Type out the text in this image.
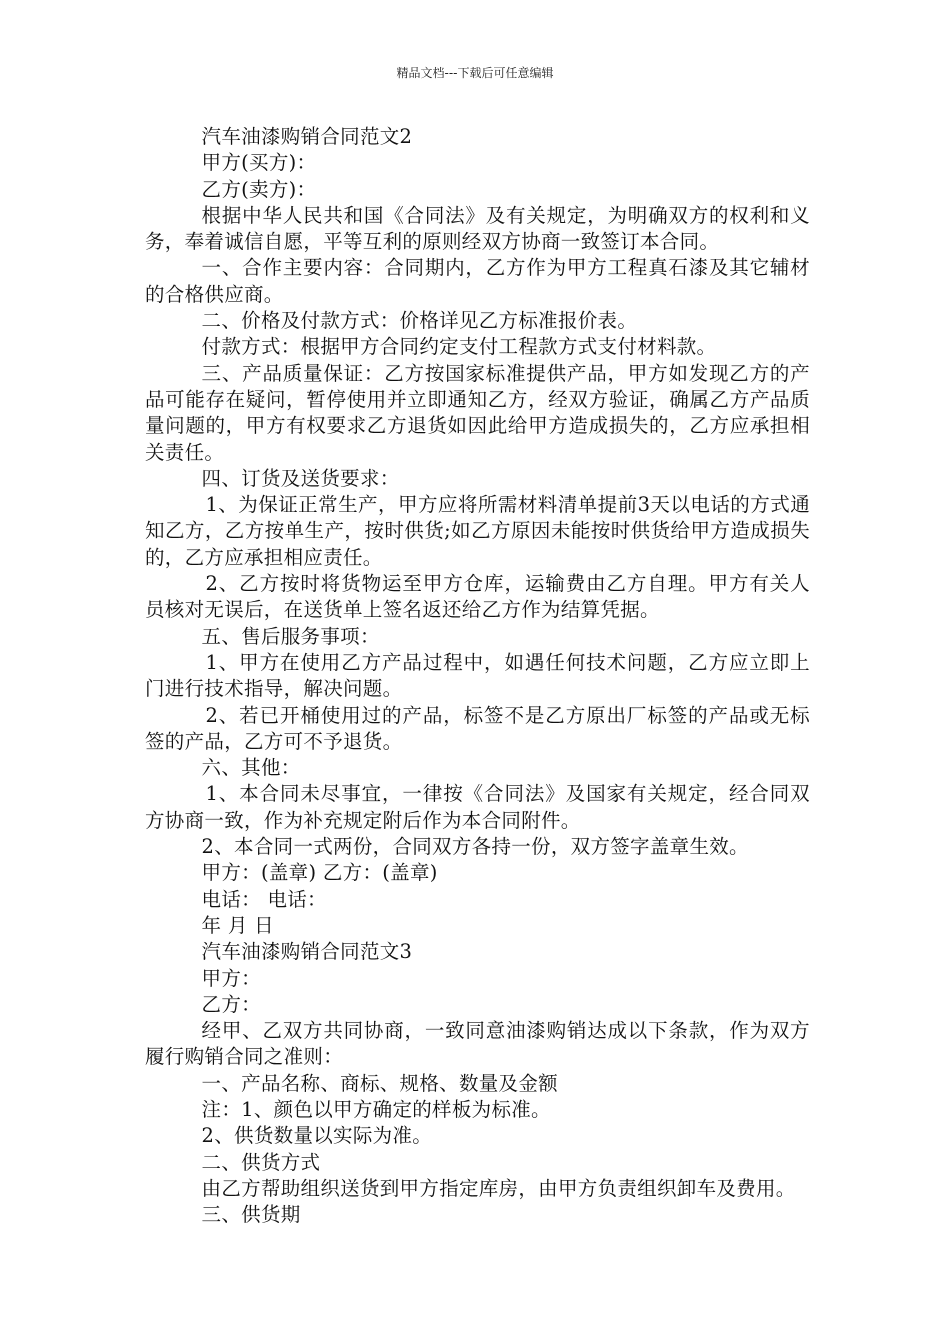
精品文档---下载后可任意编辑

汽车油漆购销合同范文2

甲方(买方)：

乙方(卖方)：

根据中华人民共和国《合同法》及有关规定，为明确双方的权利和义务，奉着诚信自愿，平等互利的原则经双方协商一致签订本合同。

一、合作主要内容：合同期内，乙方作为甲方工程真石漆及其它辅材的合格供应商。

二、价格及付款方式：价格详见乙方标准报价表。

付款方式：根据甲方合同约定支付工程款方式支付材料款。

三、产品质量保证：乙方按国家标准提供产品，甲方如发现乙方的产品可能存在疑问，暂停使用并立即通知乙方，经双方验证，确属乙方产品质量问题的，甲方有权要求乙方退货如因此给甲方造成损失的，乙方应承担相关责任。

四、订货及送货要求：

1、为保证正常生产，甲方应将所需材料清单提前3天以电话的方式通知乙方，乙方按单生产，按时供货;如乙方原因未能按时供货给甲方造成损失的，乙方应承担相应责任。

2、乙方按时将货物运至甲方仓库，运输费由乙方自理。甲方有关人员核对无误后，在送货单上签名返还给乙方作为结算凭据。

五、售后服务事项：

1、甲方在使用乙方产品过程中，如遇任何技术问题，乙方应立即上门进行技术指导，解决问题。

2、若已开桶使用过的产品，标签不是乙方原出厂标签的产品或无标签的产品，乙方可不予退货。

六、其他：

1、本合同未尽事宜，一律按《合同法》及国家有关规定，经合同双方协商一致，作为补充规定附后作为本合同附件。

2、本合同一式两份，合同双方各持一份，双方签字盖章生效。

甲方：(盖章) 乙方：(盖章)

电话： 电话：

年 月 日

汽车油漆购销合同范文3

甲方：

乙方：

经甲、乙双方共同协商，一致同意油漆购销达成以下条款，作为双方履行购销合同之准则：

一、产品名称、商标、规格、数量及金额

注：1、颜色以甲方确定的样板为标准。

2、供货数量以实际为准。

二、供货方式

由乙方帮助组织送货到甲方指定库房，由甲方负责组织卸车及费用。

三、供货期
